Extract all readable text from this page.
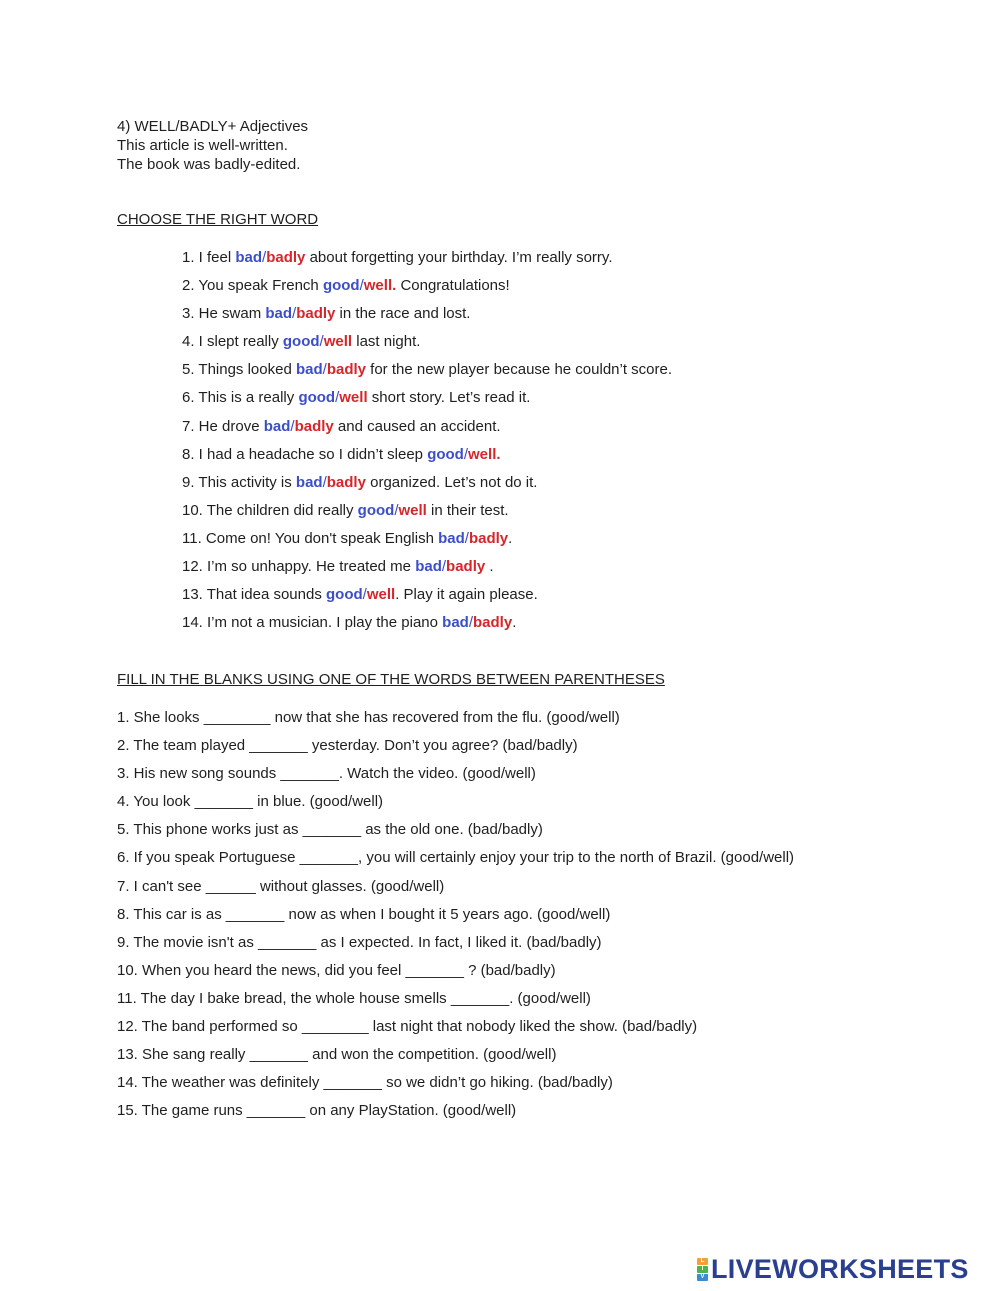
4) WELL/BADLY+ Adjectives
This article is well-written.
The book was badly-edited.
CHOOSE THE RIGHT WORD
1. I feel bad/badly about forgetting your birthday. I’m really sorry.
2. You speak French good/well. Congratulations!
3. He swam bad/badly in the race and lost.
4. I slept really good/well last night.
5. Things looked bad/badly for the new player because he couldn’t score.
6. This is a really good/well short story. Let’s read it.
7. He drove bad/badly and caused an accident.
8. I had a headache so I didn’t sleep good/well.
9. This activity is bad/badly organized. Let’s not do it.
10. The children did really good/well in their test.
11. Come on! You don't speak English bad/badly.
12. I’m so unhappy. He treated me bad/badly .
13. That idea sounds good/well. Play it again please.
14. I’m not a musician. I play the piano bad/badly.
FILL IN THE BLANKS USING ONE OF THE WORDS BETWEEN PARENTHESES
1. She looks ________ now that she has recovered from the flu. (good/well)
2. The team played _______ yesterday. Don’t you agree? (bad/badly)
3. His new song sounds _______. Watch the video. (good/well)
4. You look _______ in blue. (good/well)
5. This phone works just as _______ as the old one. (bad/badly)
6. If you speak Portuguese _______, you will certainly enjoy your trip to the north of Brazil. (good/well)
7. I can't see ______ without glasses. (good/well)
8. This car is as _______ now as when I bought it 5 years ago. (good/well)
9. The movie isn't as _______ as I expected. In fact, I liked it. (bad/badly)
10. When you heard the news, did you feel _______ ? (bad/badly)
11. The day I bake bread, the whole house smells _______. (good/well)
12. The band performed so ________ last night that nobody liked the show. (bad/badly)
13. She sang really _______ and won the competition. (good/well)
14. The weather was definitely _______ so we didn’t go hiking. (bad/badly)
15. The game runs _______ on any PlayStation. (good/well)
L
I
V LIVEWORKSHEETS
